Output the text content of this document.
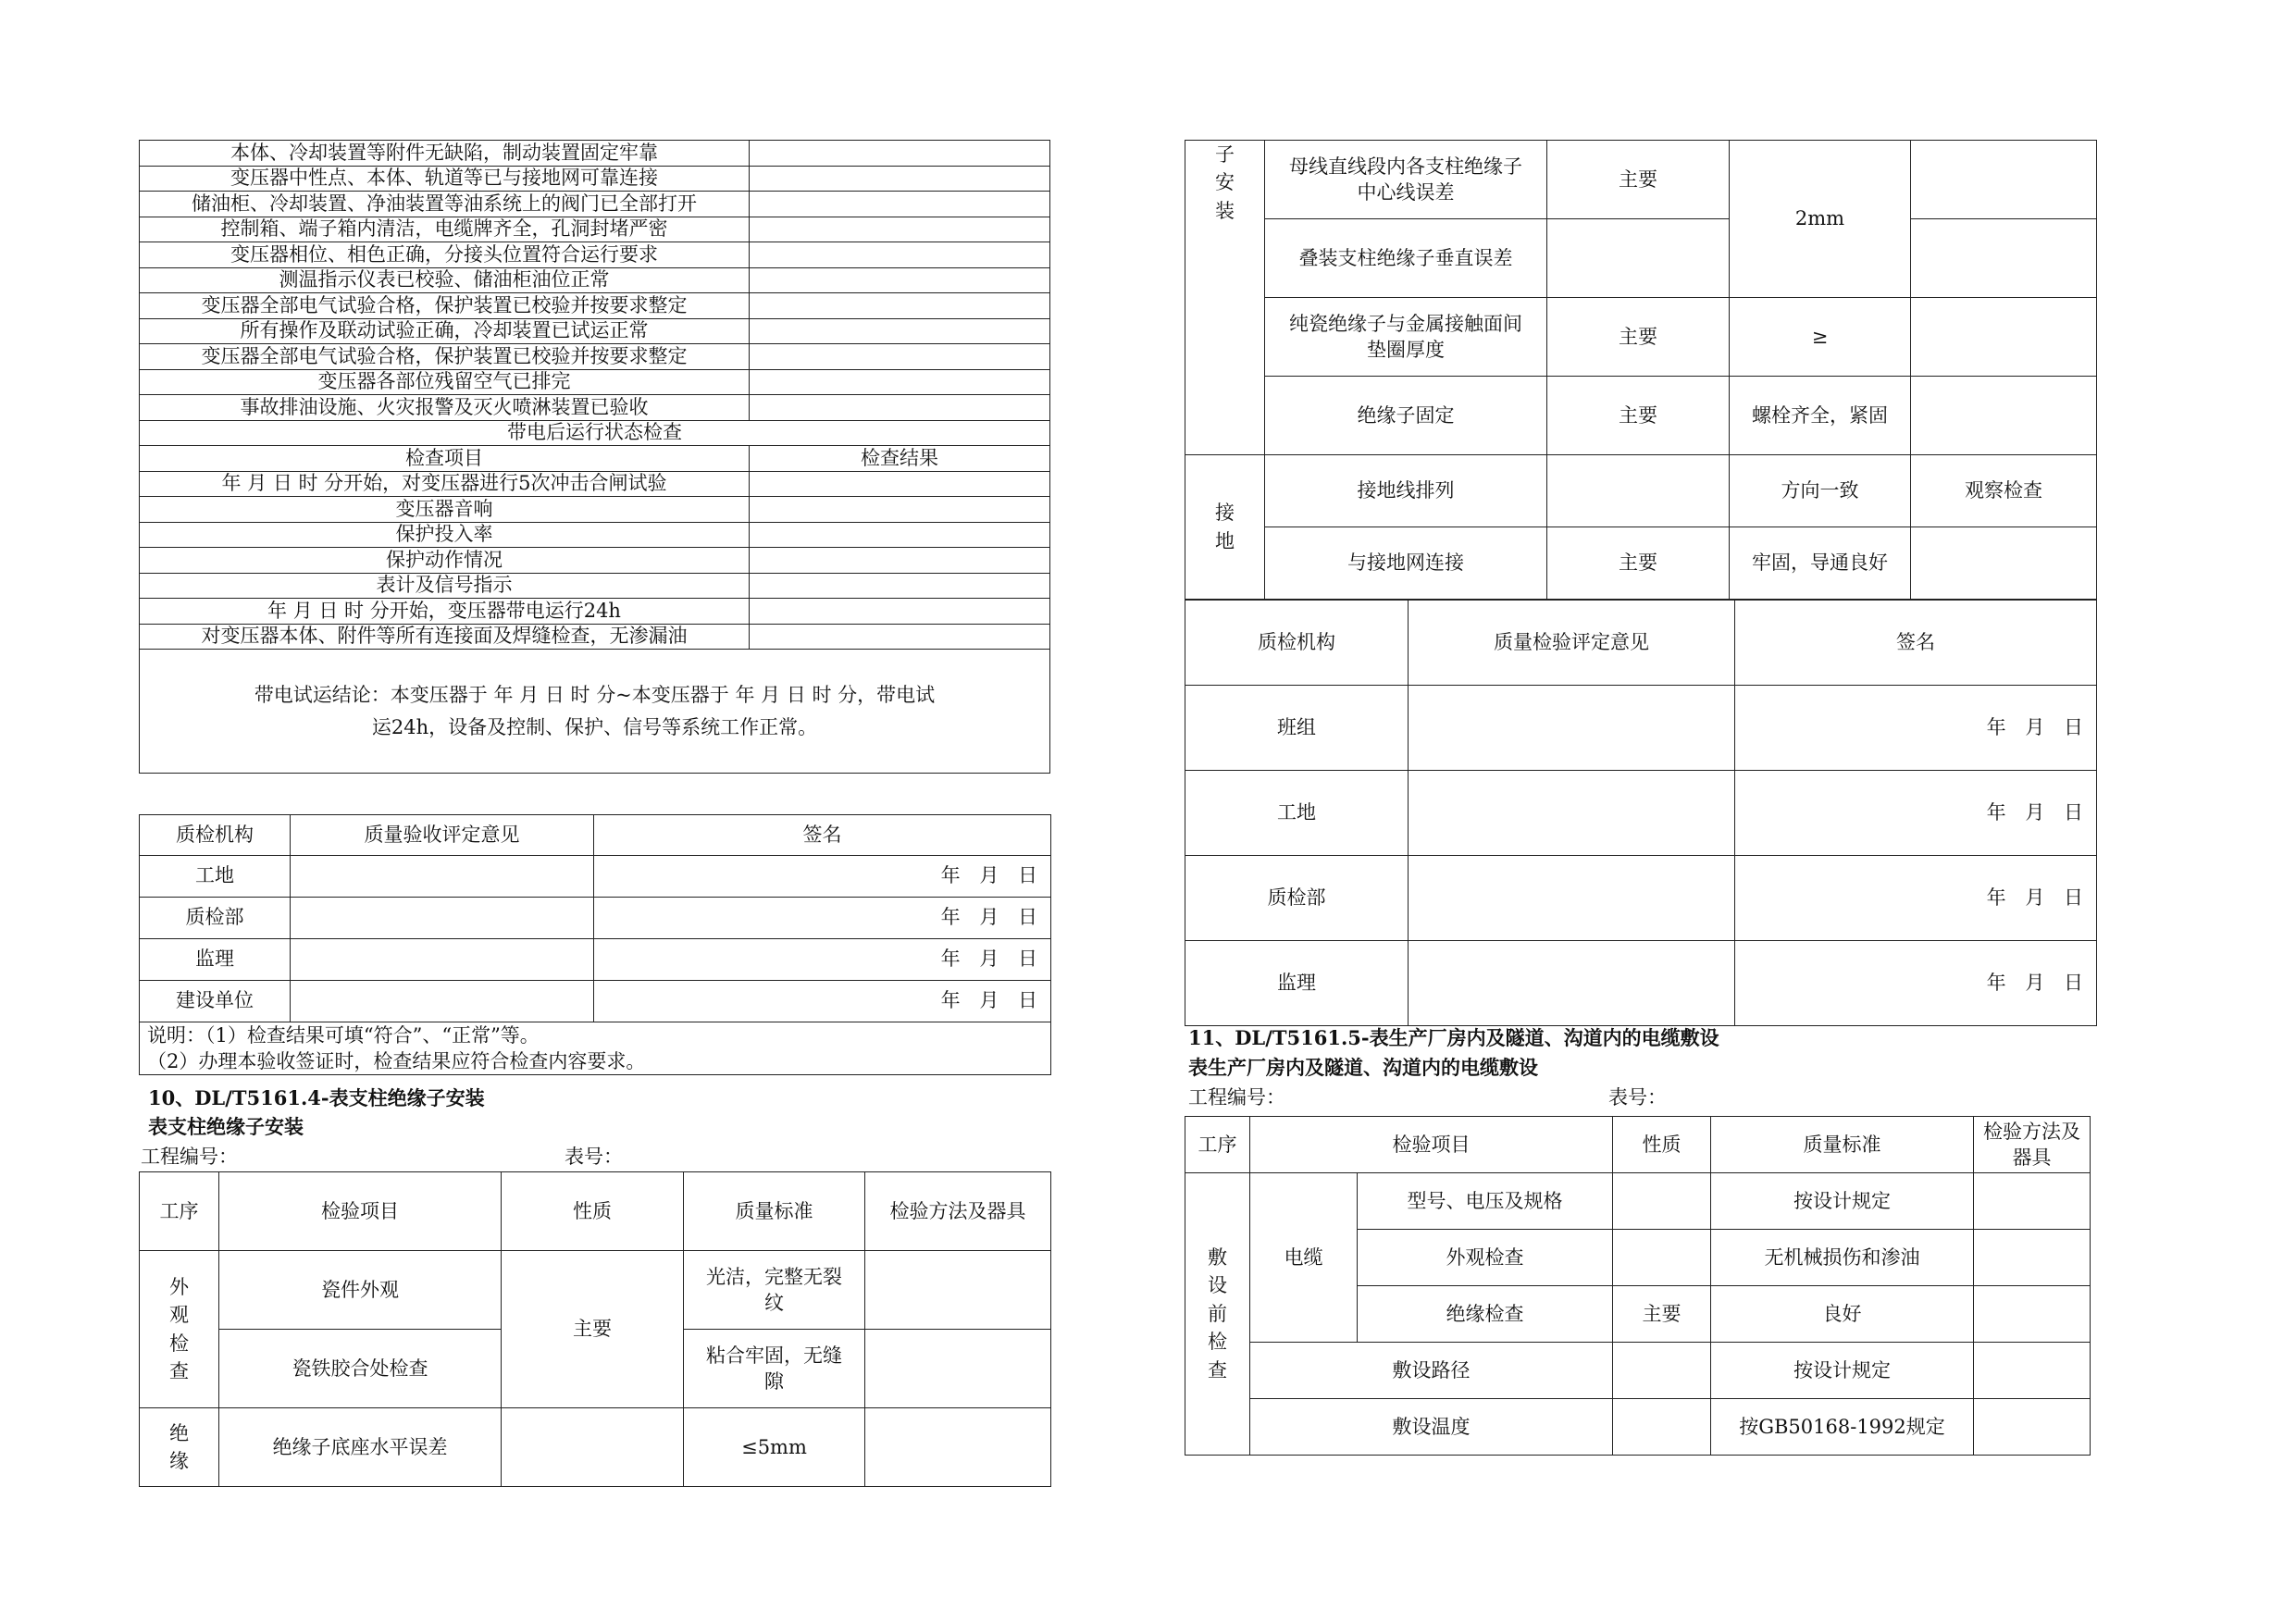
本体、冷却装置等附件无缺陷，制动装置固定牢靠	
变压器中性点、本体、轨道等已与接地网可靠连接	
储油柜、冷却装置、净油装置等油系统上的阀门已全部打开	
控制箱、端子箱内清洁，电缆牌齐全，孔洞封堵严密	
变压器相位、相色正确，分接头位置符合运行要求	
测温指示仪表已校验、储油柜油位正常	
变压器全部电气试验合格，保护装置已校验并按要求整定	
所有操作及联动试验正确，冷却装置已试运正常	
变压器全部电气试验合格，保护装置已校验并按要求整定	
变压器各部位残留空气已排完	
事故排油设施、火灾报警及灭火喷淋装置已验收	
带电后运行状态检查	
检查项目	检查结果
年 月 日 时 分开始，对变压器进行5次冲击合闸试验	
变压器音响	
保护投入率	
保护动作情况	
表计及信号指示	
年 月 日 时 分开始，变压器带电运行24h	
对变压器本体、附件等所有连接面及焊缝检查，无渗漏油	
带电试运结论：本变压器于 年 月 日 时 分~本变压器于 年 月 日 时 分，带电试运24h，设备及控制、保护、信号等系统工作正常。	
质检机构	质量验收评定意见	签名
工地		年 月 日
质检部		年 月 日
监理		年 月 日
建设单位		年 月 日

说明：（1）检查结果可填“符合”、“正常”等。
（2）办理本验收签证时，检查结果应符合检查内容要求。		
10、DL/T5161.4-表支柱绝缘子安装
表支柱绝缘子安装
工程编号：	表号：
工序	检验项目	性质	质量标准	检验方法及器具
外观检查	瓷件外观	主要	光洁，完整无裂纹	
	瓷铁胶合处检查		粘合牢固，无缝隙	
绝缘	绝缘子底座水平误差		≤5mm	
子安装	母线直线段内各支柱绝缘子中心线误差	主要	2mm	
	叠装支柱绝缘子垂直误差			
	纯瓷绝缘子与金属接触面间垫圈厚度	主要	≥	
	绝缘子固定	主要	螺栓齐全，紧固	
接地	接地线排列		方向一致	观察检查
	与接地网连接	主要	牢固，导通良好	
质检机构	质量检验评定意见	签名
班组		年 月 日
工地		年 月 日
质检部		年 月 日
监理		年 月 日
11、DL/T5161.5-表生产厂房内及隧道、沟道内的电缆敷设
表生产厂房内及隧道、沟道内的电缆敷设
工程编号：	表号：
工序	检验项目		性质	质量标准	检验方法及器具
敷设前检查	电缆	型号、电压及规格		按设计规定	
		外观检查		无机械损伤和渗油	
		绝缘检查	主要	良好	
	敷设路径			按设计规定	
	敷设温度			按GB50168-1992规定	
